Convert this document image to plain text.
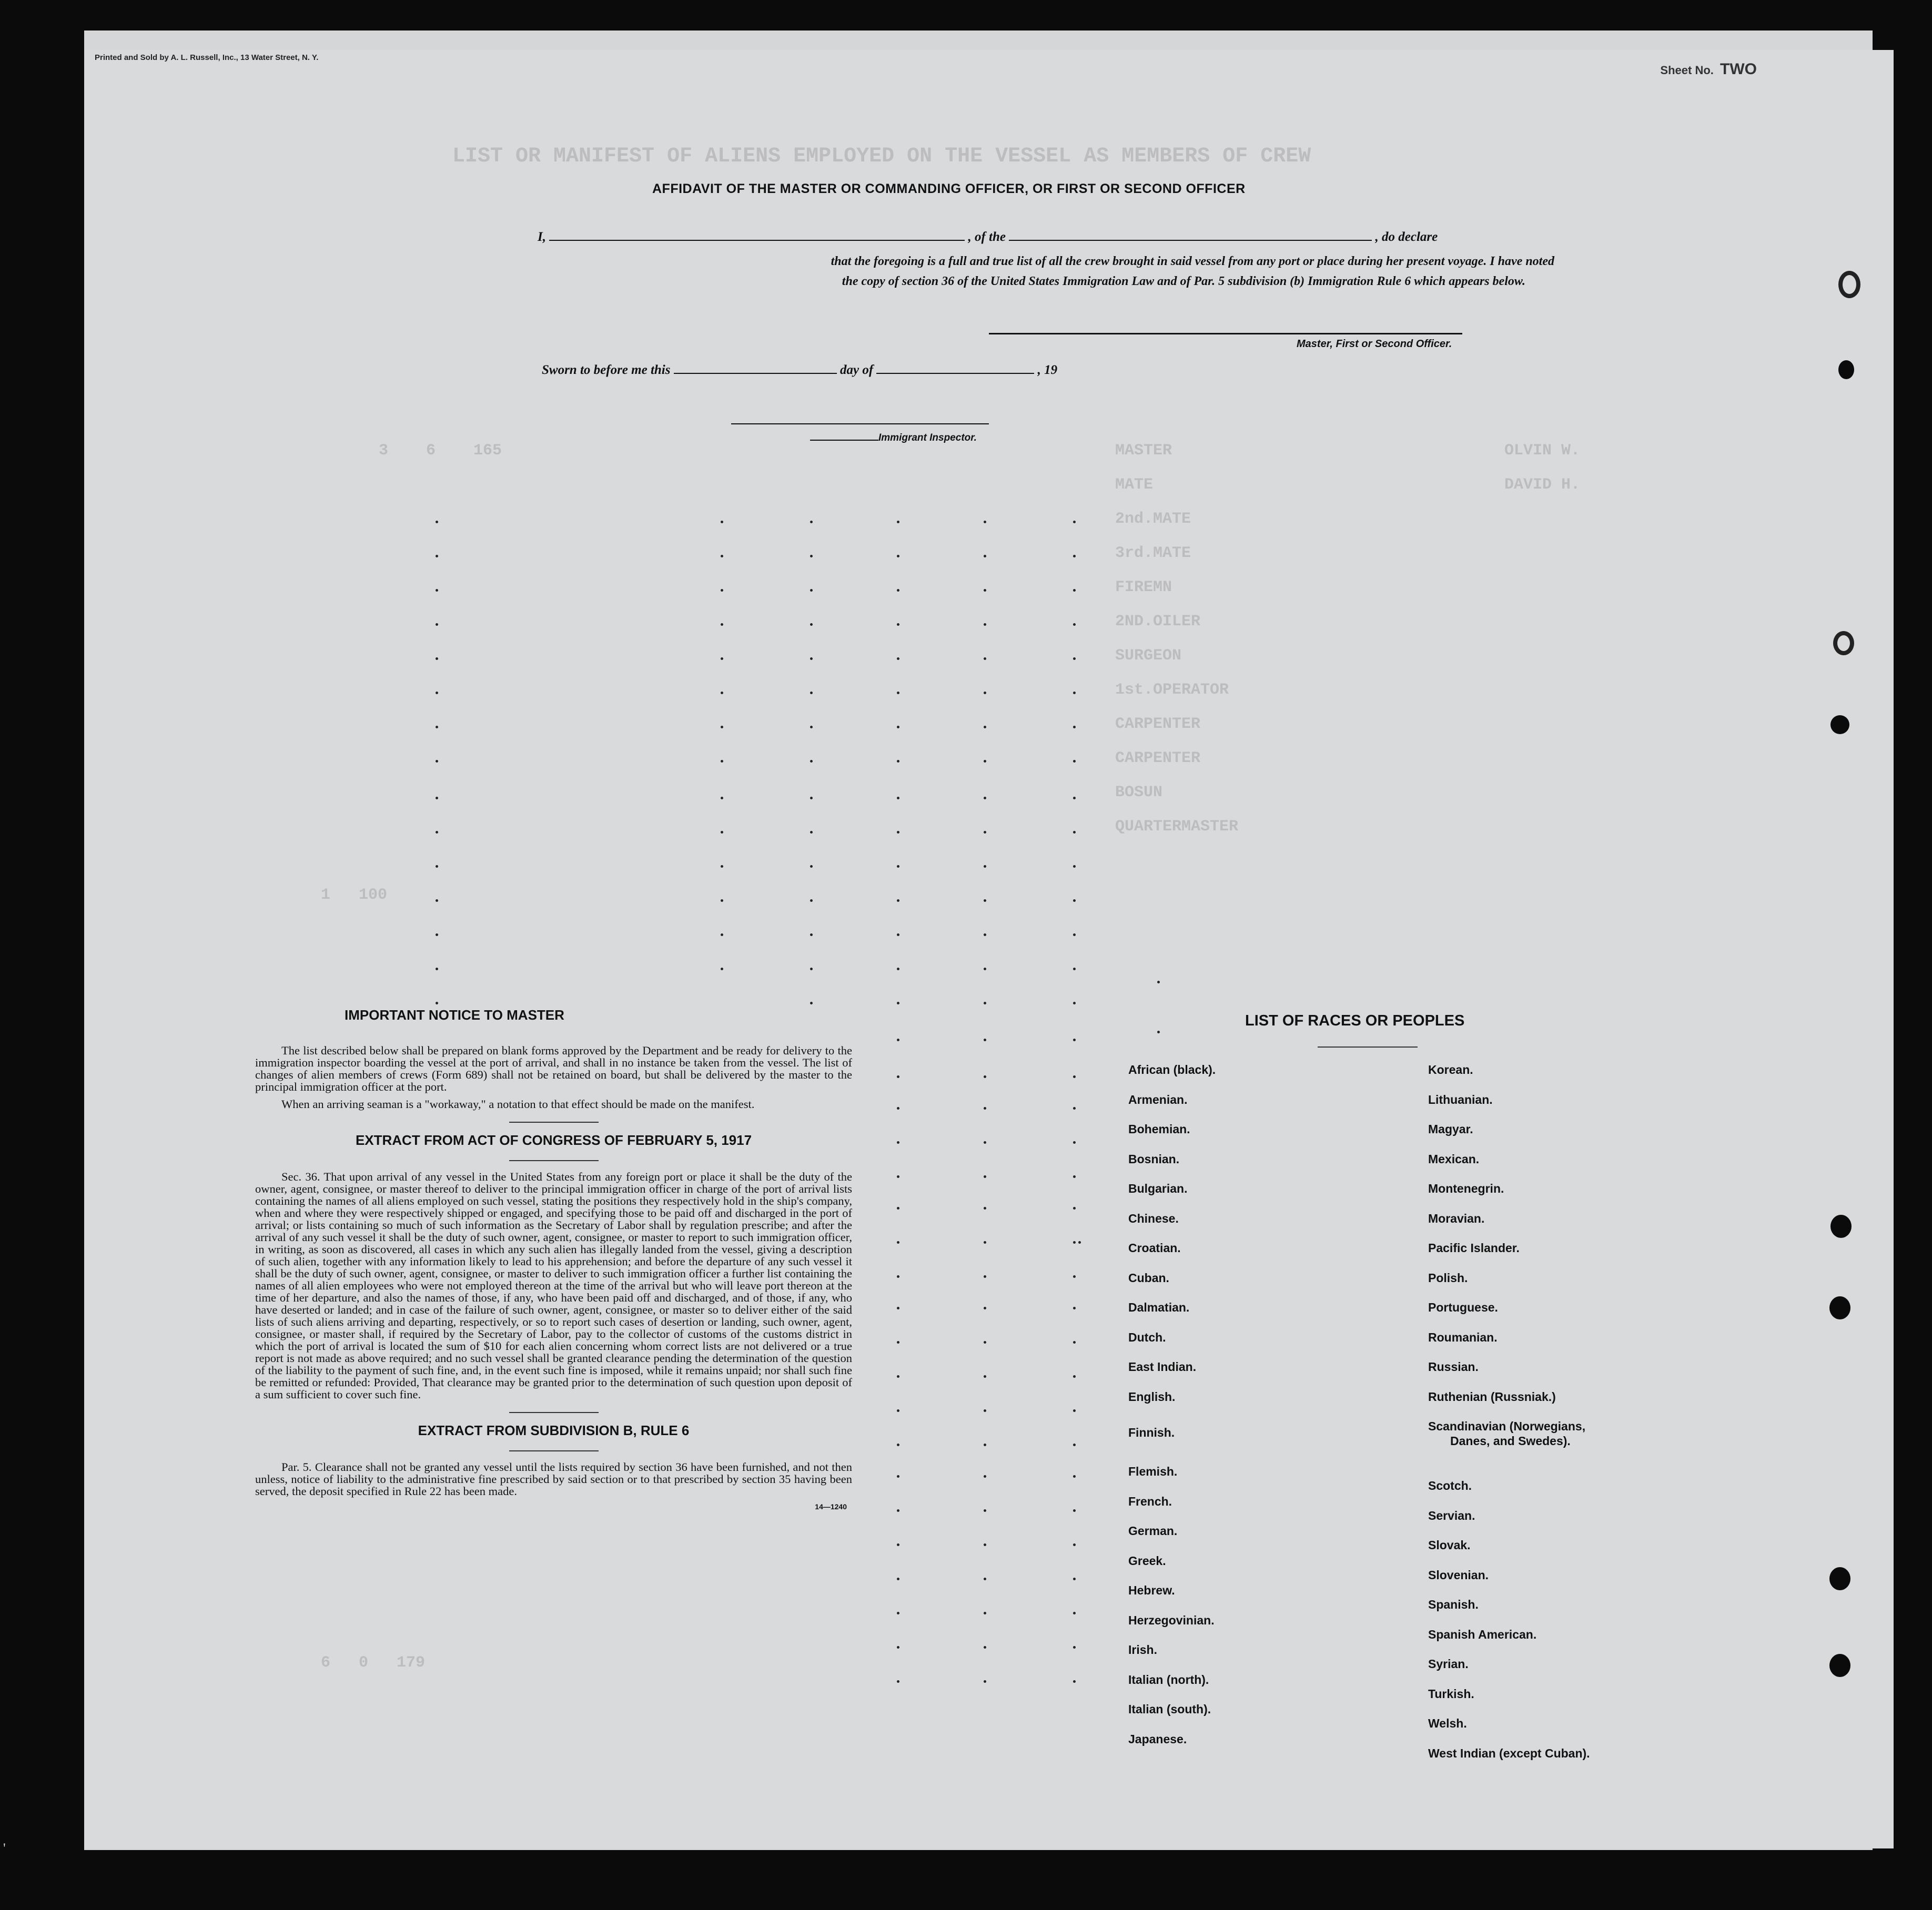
Printed and Sold by A. L. Russell, Inc., 13 Water Street, N. Y.
Sheet No. TWO
3    6    165	MASTER	OLVIN W.
MATE	DAVID H.
2nd.MATE
3rd.MATE
FIREMN
2ND.OILER
SURGEON
1st.OPERATOR
CARPENTER
CARPENTER
BOSUN
QUARTERMASTER
1   100
6   0   179
LIST OR MANIFEST OF ALIENS EMPLOYED ON THE VESSEL AS MEMBERS OF CREW
AFFIDAVIT OF THE MASTER OR COMMANDING OFFICER, OR FIRST OR SECOND OFFICER
I,	, of the	, do declare
that the foregoing is a full and true list of all the crew brought in said vessel from any port or place during her present voyage. I have noted
the copy of section 36 of the United States Immigration Law and of Par. 5 subdivision (b) Immigration Rule 6 which appears below.
Master, First or Second Officer.
Sworn to before me this	day of	, 19
Immigrant Inspector.
IMPORTANT NOTICE TO MASTER

The list described below shall be prepared on blank forms approved by the Department and be ready for delivery to the immigration inspector boarding the vessel at the port of arrival, and shall in no instance be taken from the vessel. The list of changes of alien members of crews (Form 689) shall not be retained on board, but shall be delivered by the master to the principal immigration officer at the port.

When an arriving seaman is a "workaway," a notation to that effect should be made on the manifest.

EXTRACT FROM ACT OF CONGRESS OF FEBRUARY 5, 1917

Sec. 36. That upon arrival of any vessel in the United States from any foreign port or place it shall be the duty of the owner, agent, consignee, or master thereof to deliver to the principal immigration officer in charge of the port of arrival lists containing the names of all aliens employed on such vessel, stating the positions they respectively hold in the ship's company, when and where they were respectively shipped or engaged, and specifying those to be paid off and discharged in the port of arrival; or lists containing so much of such information as the Secretary of Labor shall by regulation prescribe; and after the arrival of any such vessel it shall be the duty of such owner, agent, consignee, or master to report to such immigration officer, in writing, as soon as discovered, all cases in which any such alien has illegally landed from the vessel, giving a description of such alien, together with any information likely to lead to his apprehension; and before the departure of any such vessel it shall be the duty of such owner, agent, consignee, or master to deliver to such immigration officer a further list containing the names of all alien employees who were not employed thereon at the time of the arrival but who will leave port thereon at the time of her departure, and also the names of those, if any, who have been paid off and discharged, and of those, if any, who have deserted or landed; and in case of the failure of such owner, agent, consignee, or master so to deliver either of the said lists of such aliens arriving and departing, respectively, or so to report such cases of desertion or landing, such owner, agent, consignee, or master shall, if required by the Secretary of Labor, pay to the collector of customs of the customs district in which the port of arrival is located the sum of $10 for each alien concerning whom correct lists are not delivered or a true report is not made as above required; and no such vessel shall be granted clearance pending the determination of the question of the liability to the payment of such fine, and, in the event such fine is imposed, while it remains unpaid; nor shall such fine be remitted or refunded: Provided, That clearance may be granted prior to the determination of such question upon deposit of a sum sufficient to cover such fine.

EXTRACT FROM SUBDIVISION B, RULE 6

Par. 5. Clearance shall not be granted any vessel until the lists required by section 36 have been furnished, and not then unless, notice of liability to the administrative fine prescribed by said section or to that prescribed by section 35 having been served, the deposit specified in Rule 22 has been made.

14—1240
LIST OF RACES OR PEOPLES
African (black).
Armenian.
Bohemian.
Bosnian.
Bulgarian.
Chinese.
Croatian.
Cuban.
Dalmatian.
Dutch.
East Indian.
English.
Finnish.
Flemish.
French.
German.
Greek.
Hebrew.
Herzegovinian.
Irish.
Italian (north).
Italian (south).
Japanese.
Korean.
Lithuanian.
Magyar.
Mexican.
Montenegrin.
Moravian.
Pacific Islander.
Polish.
Portuguese.
Roumanian.
Russian.
Ruthenian (Russniak.)
Scandinavian (Norwegians,
Danes, and Swedes).
Scotch.
Servian.
Slovak.
Slovenian.
Spanish.
Spanish American.
Syrian.
Turkish.
Welsh.
West Indian (except Cuban).
'
